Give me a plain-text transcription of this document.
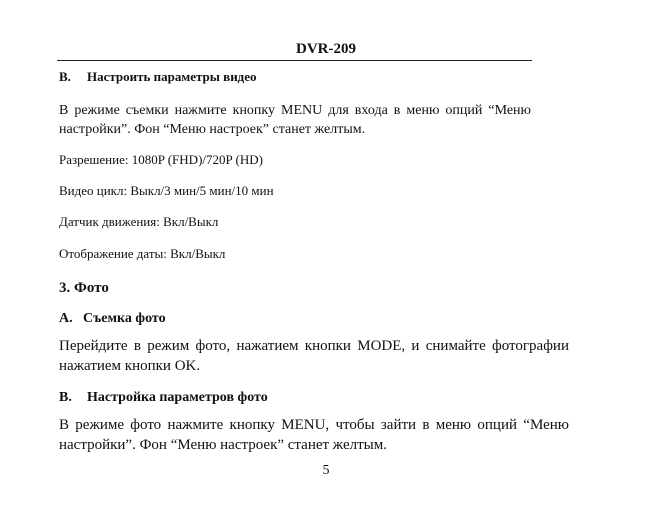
DVR-209
B. Настроить параметры видео
В режиме съемки нажмите кнопку MENU для входа в меню опций “Меню настройки”. Фон “Меню настроек” станет желтым.
Разрешение: 1080P (FHD)/720P (HD)
Видео цикл: Выкл/3 мин/5 мин/10 мин
Датчик движения: Вкл/Выкл
Отображение даты: Вкл/Выкл
3. Фото
A. Съемка фото
Перейдите в режим фото, нажатием кнопки MODE, и снимайте фотографии нажатием кнопки OK.
B. Настройка параметров фото
В режиме фото нажмите кнопку MENU, чтобы зайти в меню опций “Меню настройки”. Фон “Меню настроек” станет желтым.
5
